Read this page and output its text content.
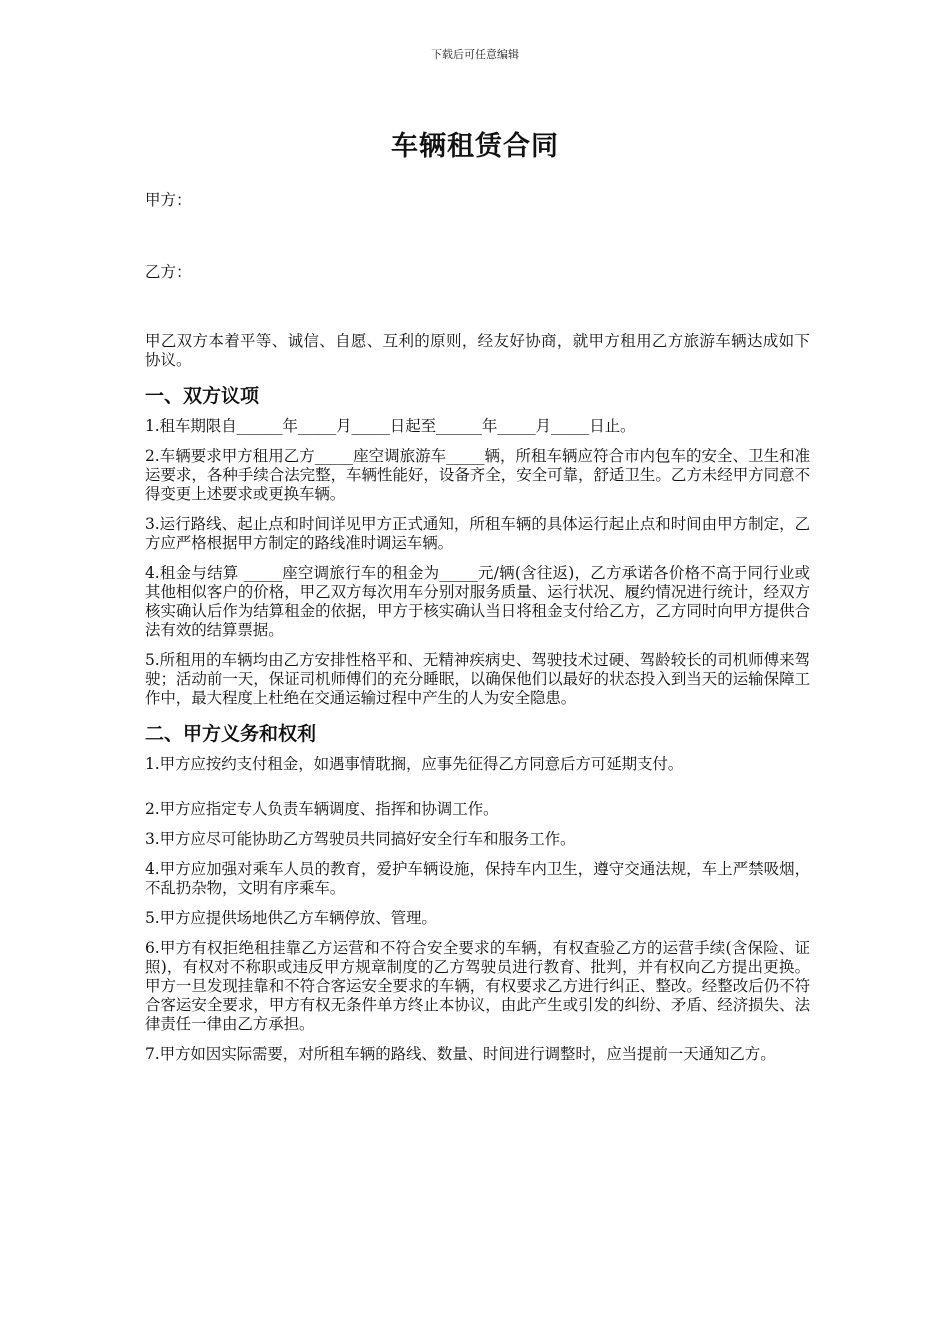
下载后可任意编辑
车辆租赁合同

甲方：

乙方：

甲乙双方本着平等、诚信、自愿、互利的原则，经友好协商，就甲方租用乙方旅游车辆达成如下协议。

一、双方议项

1.租车期限自______年_____月_____日起至______年_____月_____日止。

2.车辆要求甲方租用乙方_____座空调旅游车_____辆，所租车辆应符合市内包车的安全、卫生和准运要求，各种手续合法完整，车辆性能好，设备齐全，安全可靠，舒适卫生。乙方未经甲方同意不得变更上述要求或更换车辆。

3.运行路线、起止点和时间详见甲方正式通知，所租车辆的具体运行起止点和时间由甲方制定，乙方应严格根据甲方制定的路线准时调运车辆。

4.租金与结算 _____座空调旅行车的租金为_____元/辆(含往返)，乙方承诺各价格不高于同行业或其他相似客户的价格，甲乙双方每次用车分别对服务质量、运行状况、履约情况进行统计，经双方核实确认后作为结算租金的依据，甲方于核实确认当日将租金支付给乙方，乙方同时向甲方提供合法有效的结算票据。

5.所租用的车辆均由乙方安排性格平和、无精神疾病史、驾驶技术过硬、驾龄较长的司机师傅来驾驶；活动前一天，保证司机师傅们的充分睡眠，以确保他们以最好的状态投入到当天的运输保障工作中，最大程度上杜绝在交通运输过程中产生的人为安全隐患。

二、甲方义务和权利

1.甲方应按约支付租金，如遇事情耽搁，应事先征得乙方同意后方可延期支付。

2.甲方应指定专人负责车辆调度、指挥和协调工作。

3.甲方应尽可能协助乙方驾驶员共同搞好安全行车和服务工作。

4.甲方应加强对乘车人员的教育，爱护车辆设施，保持车内卫生，遵守交通法规，车上严禁吸烟，不乱扔杂物，文明有序乘车。

5.甲方应提供场地供乙方车辆停放、管理。

6.甲方有权拒绝租挂靠乙方运营和不符合安全要求的车辆，有权查验乙方的运营手续(含保险、证照)，有权对不称职或违反甲方规章制度的乙方驾驶员进行教育、批判，并有权向乙方提出更换。甲方一旦发现挂靠和不符合客运安全要求的车辆，有权要求乙方进行纠正、整改。经整改后仍不符合客运安全要求，甲方有权无条件单方终止本协议，由此产生或引发的纠纷、矛盾、经济损失、法律责任一律由乙方承担。

7.甲方如因实际需要，对所租车辆的路线、数量、时间进行调整时，应当提前一天通知乙方。
